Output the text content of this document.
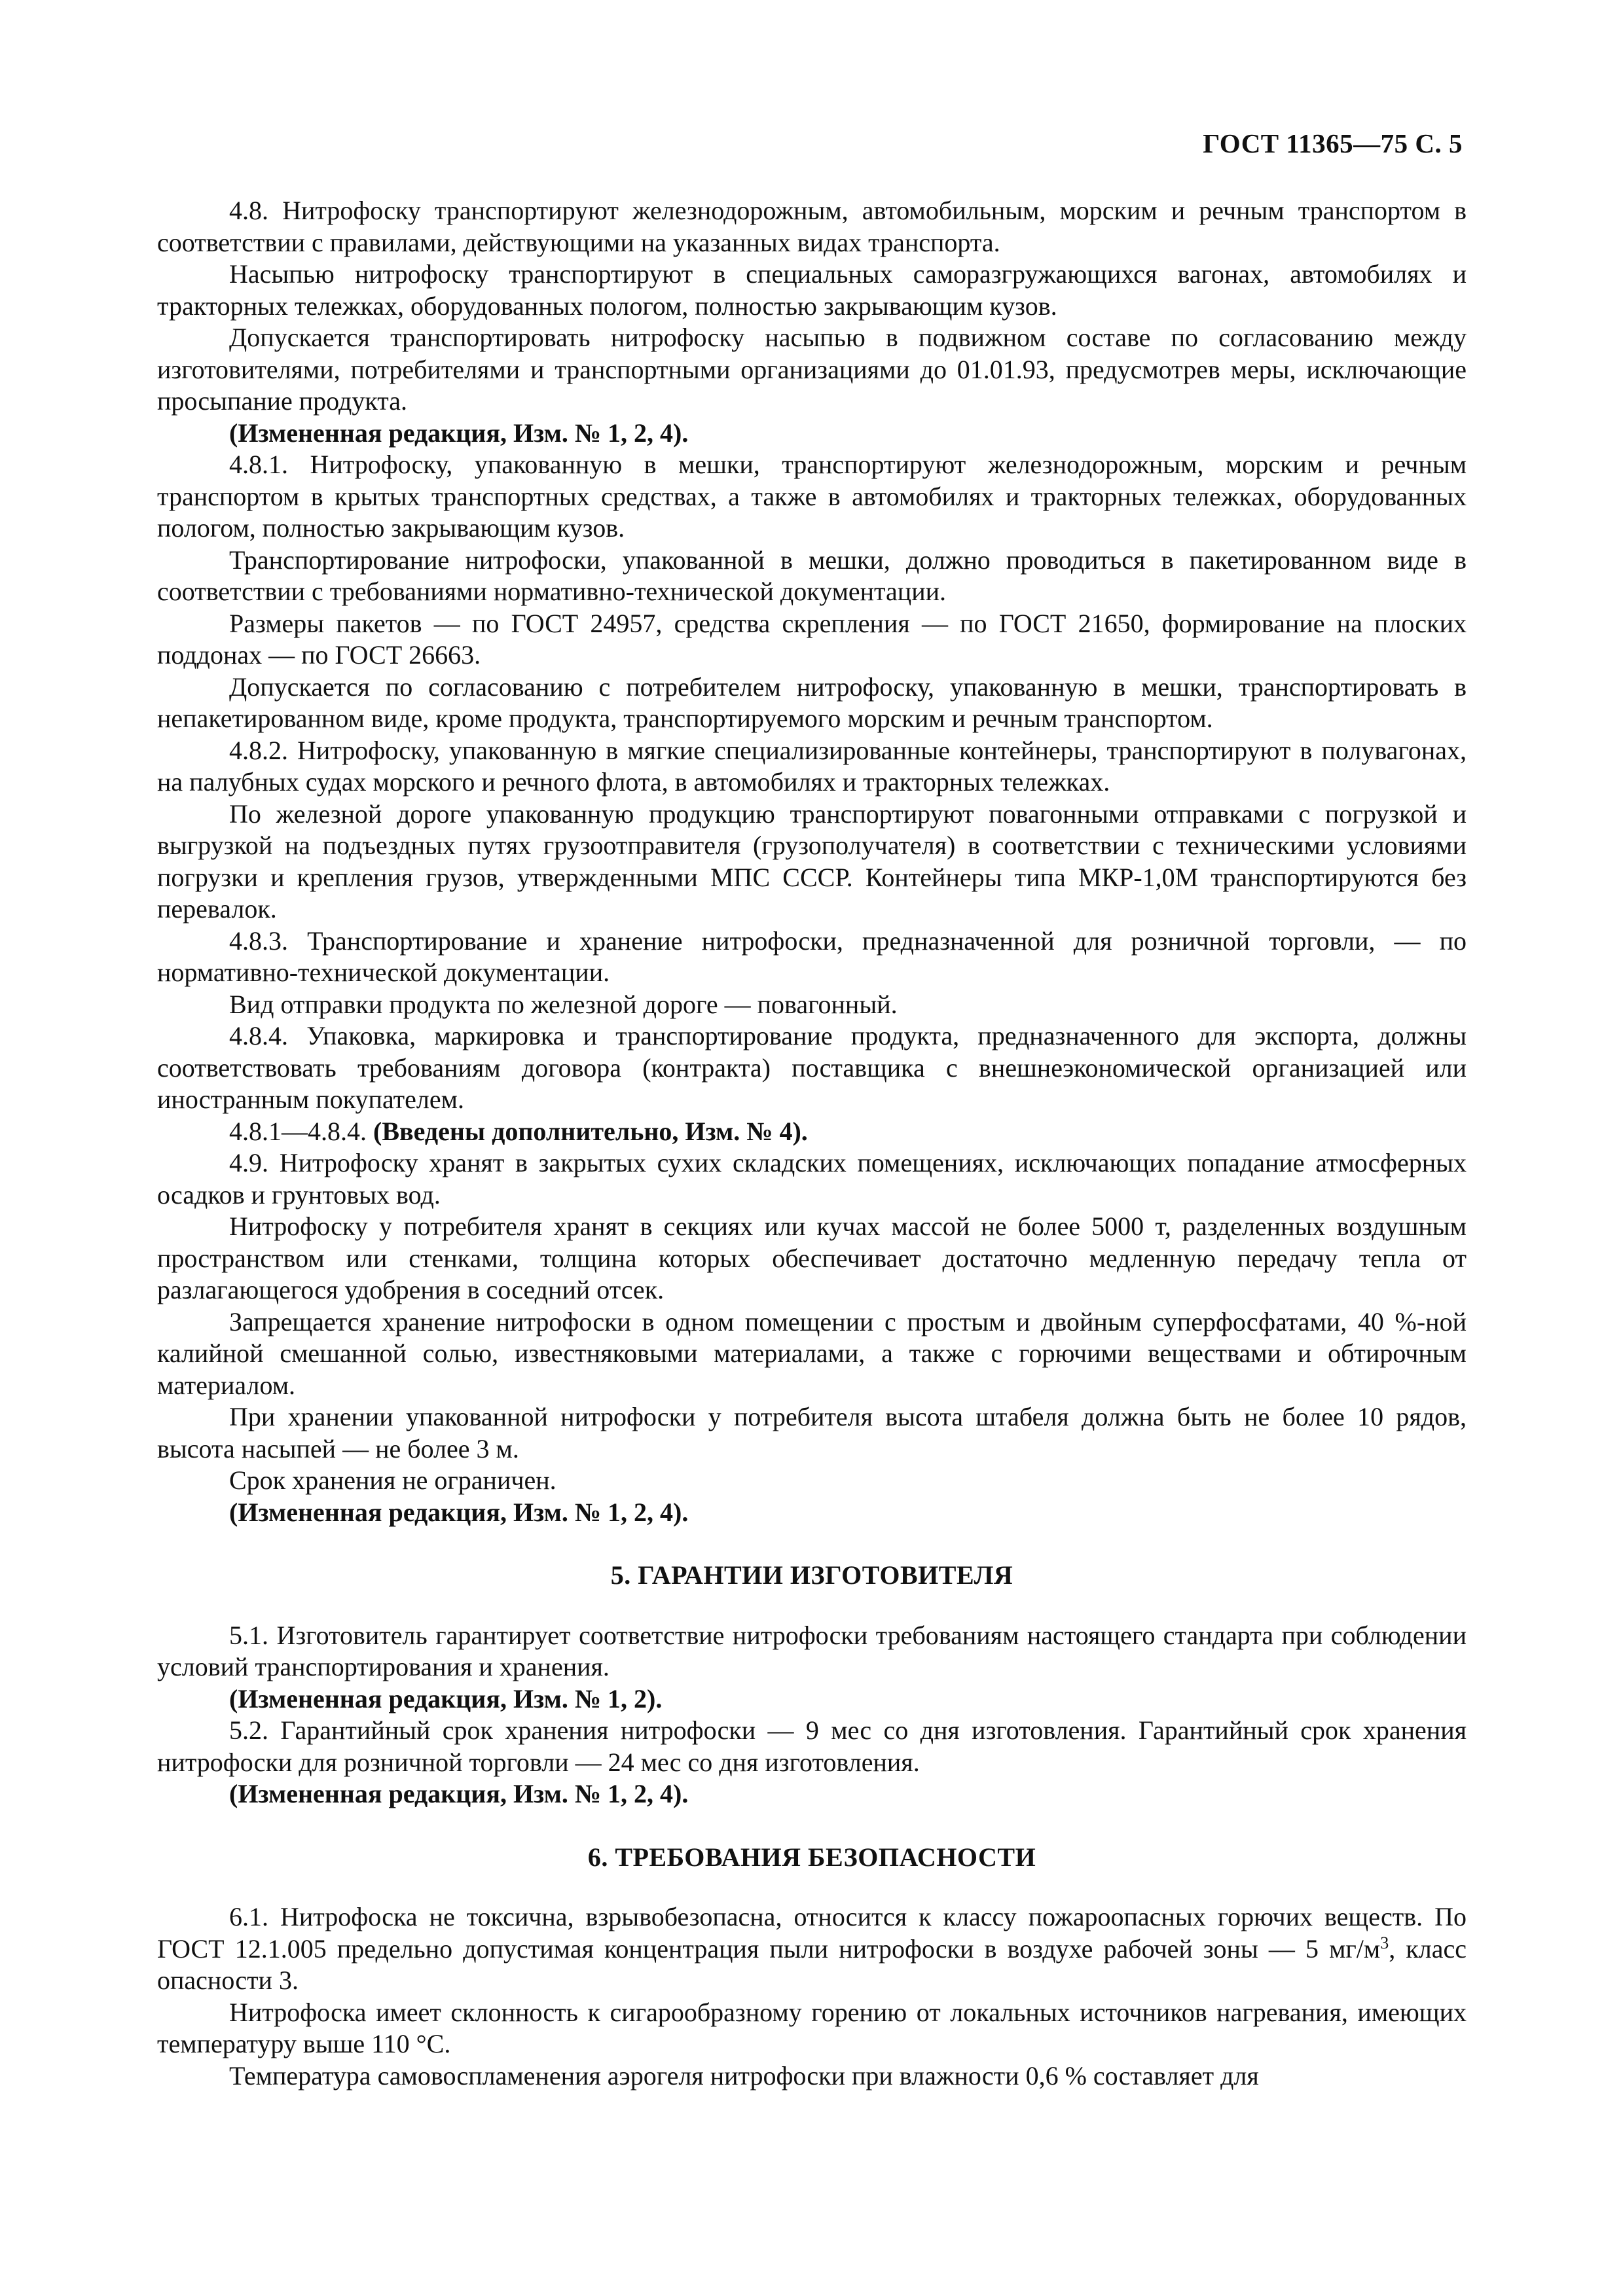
ГОСТ 11365—75 С. 5

4.8. Нитрофоску транспортируют железнодорожным, автомобильным, морским и речным транспортом в соответствии с правилами, действующими на указанных видах транспорта.

Насыпью нитрофоску транспортируют в специальных саморазгружающихся вагонах, автомобилях и тракторных тележках, оборудованных пологом, полностью закрывающим кузов.

Допускается транспортировать нитрофоску насыпью в подвижном составе по согласованию между изготовителями, потребителями и транспортными организациями до 01.01.93, предусмотрев меры, исключающие просыпание продукта.

(Измененная редакция, Изм. № 1, 2, 4).

4.8.1. Нитрофоску, упакованную в мешки, транспортируют железнодорожным, морским и речным транспортом в крытых транспортных средствах, а также в автомобилях и тракторных тележках, оборудованных пологом, полностью закрывающим кузов.

Транспортирование нитрофоски, упакованной в мешки, должно проводиться в пакетированном виде в соответствии с требованиями нормативно-технической документации.

Размеры пакетов — по ГОСТ 24957, средства скрепления — по ГОСТ 21650, формирование на плоских поддонах — по ГОСТ 26663.

Допускается по согласованию с потребителем нитрофоску, упакованную в мешки, транспортировать в непакетированном виде, кроме продукта, транспортируемого морским и речным транспортом.

4.8.2. Нитрофоску, упакованную в мягкие специализированные контейнеры, транспортируют в полувагонах, на палубных судах морского и речного флота, в автомобилях и тракторных тележках.

По железной дороге упакованную продукцию транспортируют повагонными отправками с погрузкой и выгрузкой на подъездных путях грузоотправителя (грузополучателя) в соответствии с техническими условиями погрузки и крепления грузов, утвержденными МПС СССР. Контейнеры типа МКР-1,0М транспортируются без перевалок.

4.8.3. Транспортирование и хранение нитрофоски, предназначенной для розничной торговли, — по нормативно-технической документации.

Вид отправки продукта по железной дороге — повагонный.

4.8.4. Упаковка, маркировка и транспортирование продукта, предназначенного для экспорта, должны соответствовать требованиям договора (контракта) поставщика с внешнеэкономической организацией или иностранным покупателем.

4.8.1—4.8.4. (Введены дополнительно, Изм. № 4).

4.9. Нитрофоску хранят в закрытых сухих складских помещениях, исключающих попадание атмосферных осадков и грунтовых вод.

Нитрофоску у потребителя хранят в секциях или кучах массой не более 5000 т, разделенных воздушным пространством или стенками, толщина которых обеспечивает достаточно медленную передачу тепла от разлагающегося удобрения в соседний отсек.

Запрещается хранение нитрофоски в одном помещении с простым и двойным суперфосфатами, 40 %-ной калийной смешанной солью, известняковыми материалами, а также с горючими веществами и обтирочным материалом.

При хранении упакованной нитрофоски у потребителя высота штабеля должна быть не более 10 рядов, высота насыпей — не более 3 м.

Срок хранения не ограничен.

(Измененная редакция, Изм. № 1, 2, 4).

5. ГАРАНТИИ ИЗГОТОВИТЕЛЯ

5.1. Изготовитель гарантирует соответствие нитрофоски требованиям настоящего стандарта при соблюдении условий транспортирования и хранения.

(Измененная редакция, Изм. № 1, 2).

5.2. Гарантийный срок хранения нитрофоски — 9 мес со дня изготовления. Гарантийный срок хранения нитрофоски для розничной торговли — 24 мес со дня изготовления.

(Измененная редакция, Изм. № 1, 2, 4).

6. ТРЕБОВАНИЯ БЕЗОПАСНОСТИ

6.1. Нитрофоска не токсична, взрывобезопасна, относится к классу пожароопасных горючих веществ. По ГОСТ 12.1.005 предельно допустимая концентрация пыли нитрофоски в воздухе рабочей зоны — 5 $мг/м^3$, класс опасности 3.

Нитрофоска имеет склонность к сигарообразному горению от локальных источников нагревания, имеющих температуру выше 110 °С.

Температура самовоспламенения аэрогеля нитрофоски при влажности 0,6 % составляет для
